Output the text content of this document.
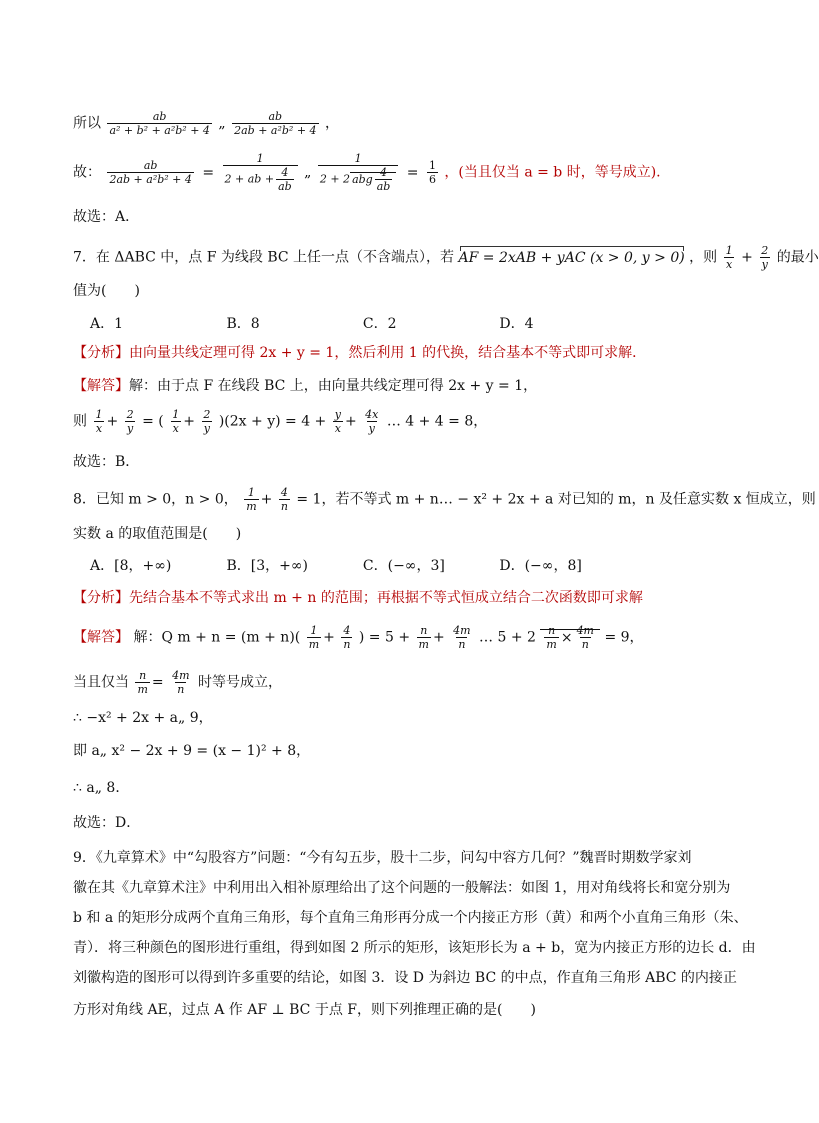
所以 $\frac{ab}{\text{a² + b² + a²b² + 4}}$ „ $\frac{ab}{\text{2ab + a²b² + 4}}$ ，
故： $\frac{ab}{\text{2ab + a²b² + 4}} = \frac{1}{2 + ab + \frac{4}{ab}}$ „ $\frac{1}{2 + 2 abg \frac{4}{ab}} = \frac{1}{6}$ ，(当且仅当 a = b 时，等号成立).
故选：A．
7．在 ΔABC 中，点 F 为线段 BC 上任一点（不含端点），若 AF = 2xAB + yAC (x > 0, y > 0) ，则 $\frac{1}{x} + \frac{2}{y}$ 的最小
值为(　　)
A．1	B．8	C．2	D．4
【分析】由向量共线定理可得 2x + y = 1，然后利用 1 的代换，结合基本不等式即可求解．
【解答】解：由于点 F 在线段 BC 上，由向量共线定理可得 2x + y = 1，
则 $\frac{1}{x} + \frac{2}{y}$ = ( $\frac{1}{x} + \frac{2}{y} )(2x + y) = 4 + \frac{y}{x} + \frac{4x}{y}$ … 4 + 4 = 8，
故选：B．
8．已知 m > 0，n > 0， $\frac{1}{m} + \frac{4}{n} = 1$，若不等式 m + n… − x² + 2x + a 对已知的 m，n 及任意实数 x 恒成立，则
实数 a 的取值范围是(　　)
A．[8，+∞)	B．[3，+∞)	C．(−∞，3]	D．(−∞，8]
【分析】先结合基本不等式求出 m + n 的范围；再根据不等式恒成立结合二次函数即可求解
【解答】 解：Q $m + n = (m + n)( \frac{1}{m} + \frac{4}{n}$ ) = $5 + \frac{n}{m} + \frac{4m}{n}$ … $5 + 2 \frac{n}{m} \times \frac{4m}{n} = 9$，
当且仅当 $\frac{n}{m} = \frac{4m}{n}$ 时等号成立，
∴ −x² + 2x + a„ 9，
即 a„ x² − 2x + 9 = (x − 1)² + 8，
∴ a„ 8．
故选：D．
9．《九章算术》中“勾股容方”问题：“今有勾五步，股十二步，问勾中容方几何？”魏晋时期数学家刘
徽在其《九章算术注》中利用出入相补原理给出了这个问题的一般解法：如图 1，用对角线将长和宽分别为
b 和 a 的矩形分成两个直角三角形，每个直角三角形再分成一个内接正方形（黄）和两个小直角三角形（朱、
青）．将三种颜色的图形进行重组，得到如图 2 所示的矩形，该矩形长为 a + b，宽为内接正方形的边长 d．由
刘徽构造的图形可以得到许多重要的结论，如图 3．设 D 为斜边 BC 的中点，作直角三角形 ABC 的内接正
方形对角线 AE，过点 A 作 AF ⊥ BC 于点 F，则下列推理正确的是(　　)
